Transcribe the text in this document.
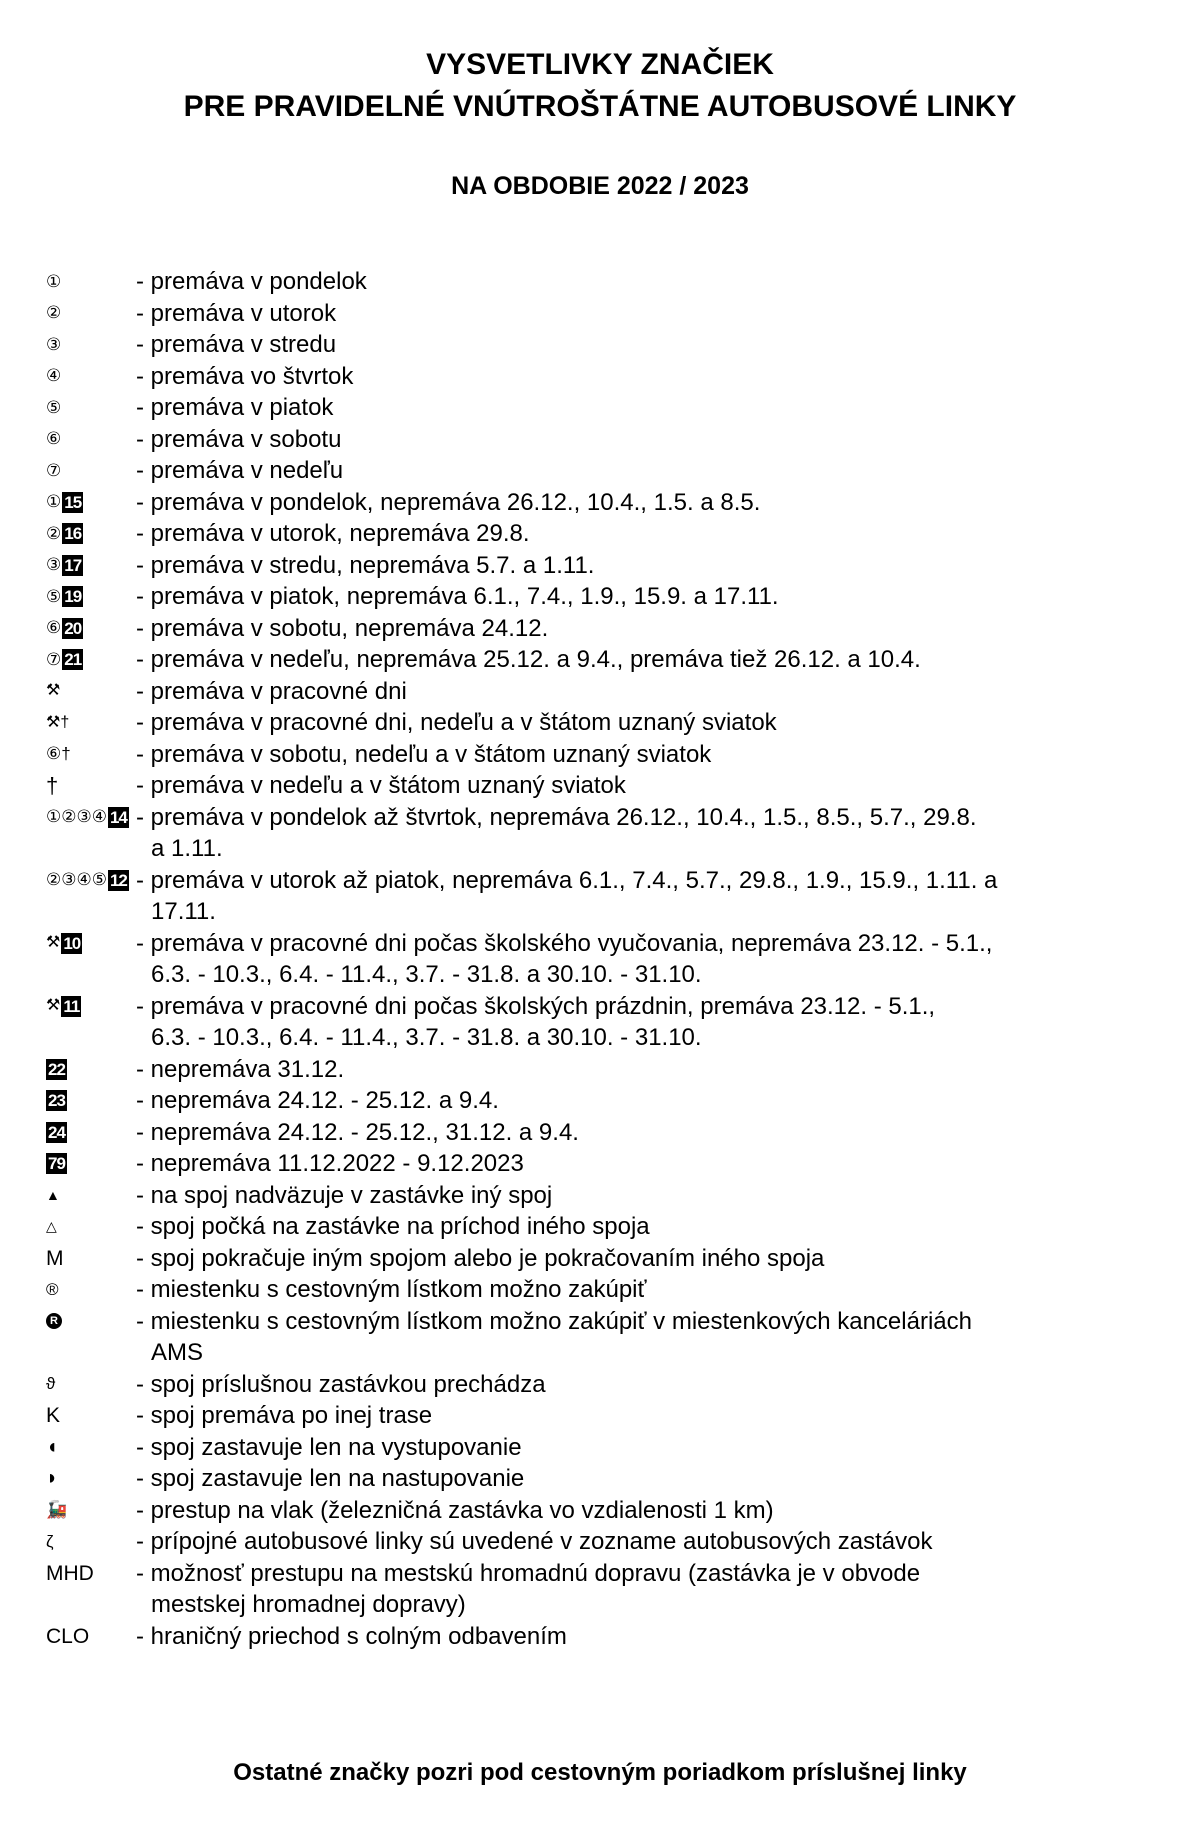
VYSVETLIVKY ZNAČIEK
PRE PRAVIDELNÉ VNÚTROŠTÁTNE AUTOBUSOVÉ LINKY
NA OBDOBIE 2022 / 2023
①	- premáva v pondelok
②	- premáva v utorok
③	- premáva v stredu
④	- premáva vo štvrtok
⑤	- premáva v piatok
⑥	- premáva v sobotu
⑦	- premáva v nedeľu
① 15 - premáva v pondelok, nepremáva 26.12., 10.4., 1.5. a 8.5.
② 16 - premáva v utorok, nepremáva 29.8.
③ 17 - premáva v stredu, nepremáva 5.7. a 1.11.
⑤ 19 - premáva v piatok, nepremáva 6.1., 7.4., 1.9., 15.9. a 17.11.
⑥ 20 - premáva v sobotu, nepremáva 24.12.
⑦ 21 - premáva v nedeľu, nepremáva 25.12. a 9.4., premáva tiež 26.12. a 10.4.
⚒	- premáva v pracovné dni
⚒†	- premáva v pracovné dni, nedeľu a v štátom uznaný sviatok
⑥†	- premáva v sobotu, nedeľu a v štátom uznaný sviatok
†	- premáva v nedeľu a v štátom uznaný sviatok
①②③④ 14 - premáva v pondelok až štvrtok, nepremáva 26.12., 10.4., 1.5., 8.5., 5.7., 29.8.
a 1.11.
②③④⑤ 12 - premáva v utorok až piatok, nepremáva 6.1., 7.4., 5.7., 29.8., 1.9., 15.9., 1.11. a
17.11.
⚒ 10 - premáva v pracovné dni počas školského vyučovania, nepremáva 23.12. - 5.1.,
6.3. - 10.3., 6.4. - 11.4., 3.7. - 31.8. a 30.10. - 31.10.
⚒ 11 - premáva v pracovné dni počas školských prázdnin, premáva 23.12. - 5.1.,
6.3. - 10.3., 6.4. - 11.4., 3.7. - 31.8. a 30.10. - 31.10.
22	- nepremáva 31.12.
23	- nepremáva 24.12. - 25.12. a 9.4.
24	- nepremáva 24.12. - 25.12., 31.12. a 9.4.
79	- nepremáva 11.12.2022 - 9.12.2023
▲	- na spoj nadväzuje v zastávke iný spoj
△	- spoj počká na zastávke na príchod iného spoja
M	- spoj pokračuje iným spojom alebo je pokračovaním iného spoja
®	- miestenku s cestovným lístkom možno zakúpiť
R	- miestenku s cestovným lístkom možno zakúpiť v miestenkových kanceláriách
AMS
ϑ	- spoj príslušnou zastávkou prechádza
K	- spoj premáva po inej trase
◖	- spoj zastavuje len na vystupovanie
◗	- spoj zastavuje len na nastupovanie
🚂	- prestup na vlak (železničná zastávka vo vzdialenosti 1 km)
ζ	- prípojné autobusové linky sú uvedené v zozname autobusových zastávok
MHD - možnosť prestupu na mestskú hromadnú dopravu (zastávka je v obvode
mestskej hromadnej dopravy)
CLO - hraničný priechod s colným odbavením
Ostatné značky pozri pod cestovným poriadkom príslušnej linky
